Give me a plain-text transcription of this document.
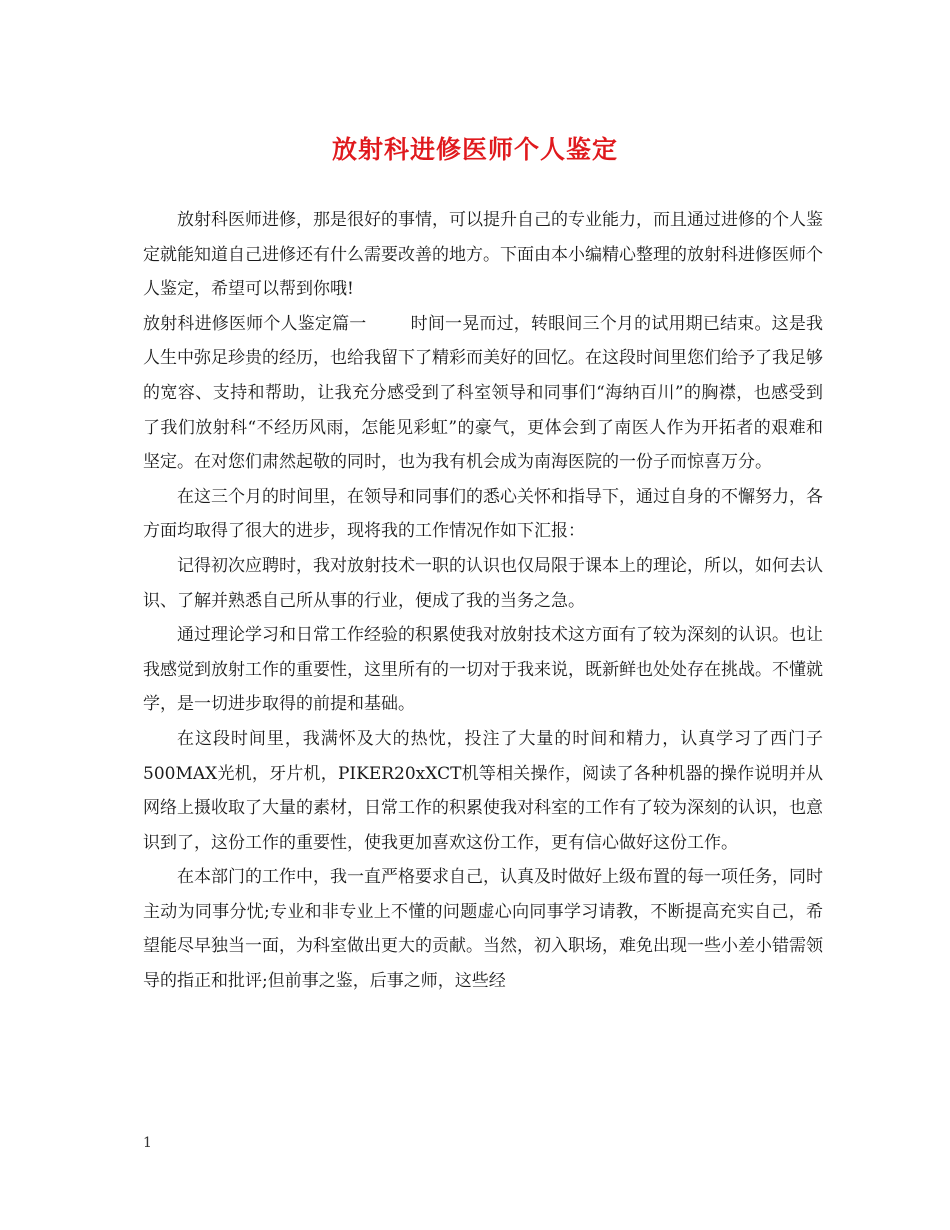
放射科进修医师个人鉴定

放射科医师进修，那是很好的事情，可以提升自己的专业能力，而且通过进修的个人鉴定就能知道自己进修还有什么需要改善的地方。下面由本小编精心整理的放射科进修医师个人鉴定，希望可以帮到你哦!

放射科进修医师个人鉴定篇一	时间一晃而过，转眼间三个月的试用期已结束。这是我人生中弥足珍贵的经历，也给我留下了精彩而美好的回忆。在这段时间里您们给予了我足够的宽容、支持和帮助，让我充分感受到了科室领导和同事们“海纳百川”的胸襟，也感受到了我们放射科“不经历风雨，怎能见彩虹”的豪气，更体会到了南医人作为开拓者的艰难和坚定。在对您们肃然起敬的同时，也为我有机会成为南海医院的一份子而惊喜万分。

在这三个月的时间里，在领导和同事们的悉心关怀和指导下，通过自身的不懈努力，各方面均取得了很大的进步，现将我的工作情况作如下汇报：

记得初次应聘时，我对放射技术一职的认识也仅局限于课本上的理论，所以，如何去认识、了解并熟悉自己所从事的行业，便成了我的当务之急。

通过理论学习和日常工作经验的积累使我对放射技术这方面有了较为深刻的认识。也让我感觉到放射工作的重要性，这里所有的一切对于我来说，既新鲜也处处存在挑战。不懂就学，是一切进步取得的前提和基础。

在这段时间里，我满怀及大的热忱，投注了大量的时间和精力，认真学习了西门子500MAX光机，牙片机，PIKER20xXCT机等相关操作，阅读了各种机器的操作说明并从网络上摄收取了大量的素材，日常工作的积累使我对科室的工作有了较为深刻的认识，也意识到了，这份工作的重要性，使我更加喜欢这份工作，更有信心做好这份工作。

在本部门的工作中，我一直严格要求自己，认真及时做好上级布置的每一项任务，同时主动为同事分忧;专业和非专业上不懂的问题虚心向同事学习请教，不断提高充实自己，希望能尽早独当一面，为科室做出更大的贡献。当然，初入职场，难免出现一些小差小错需领导的指正和批评;但前事之鉴，后事之师，这些经

1
